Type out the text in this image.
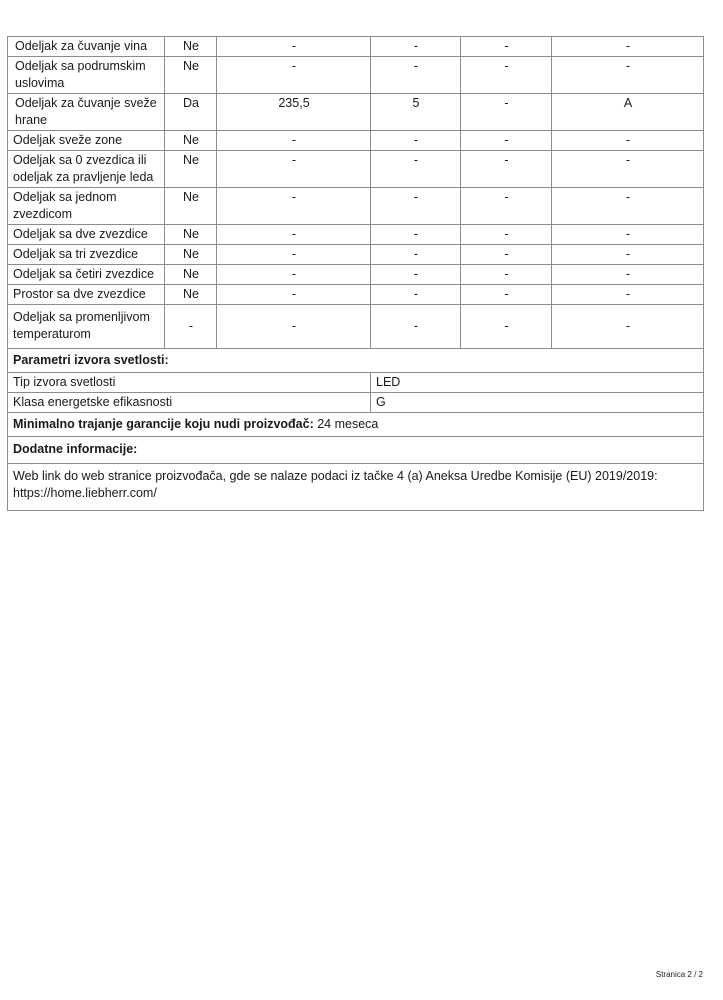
Odeljak za čuvanje vina	Ne	-	-	-	-
Odeljak sa podrumskim uslovima	Ne	-	-	-	-
Odeljak za čuvanje sveže hrane	Da	235,5	5	-	A
Odeljak sveže zone	Ne	-	-	-	-
Odeljak sa 0 zvezdica ili odeljak za pravljenje leda	Ne	-	-	-	-
Odeljak sa jednom zvezdicom	Ne	-	-	-	-
Odeljak sa dve zvezdice	Ne	-	-	-	-
Odeljak sa tri zvezdice	Ne	-	-	-	-
Odeljak sa četiri zvezdice	Ne	-	-	-	-
Prostor sa dve zvezdice	Ne	-	-	-	-
Odeljak sa promenljivom temperaturom	-	-	-	-	-
Parametri izvora svetlosti:					
Tip izvora svetlosti			LED		
Klasa energetske efikasnosti			G		
Minimalno trajanje garancije koju nudi proizvođač: 24 meseca					
Dodatne informacije:					
Web link do web stranice proizvođača, gde se nalaze podaci iz tačke 4 (a) Aneksa Uredbe Komisije (EU) 2019/2019: https://home.liebherr.com/					
Stranica 2 / 2
